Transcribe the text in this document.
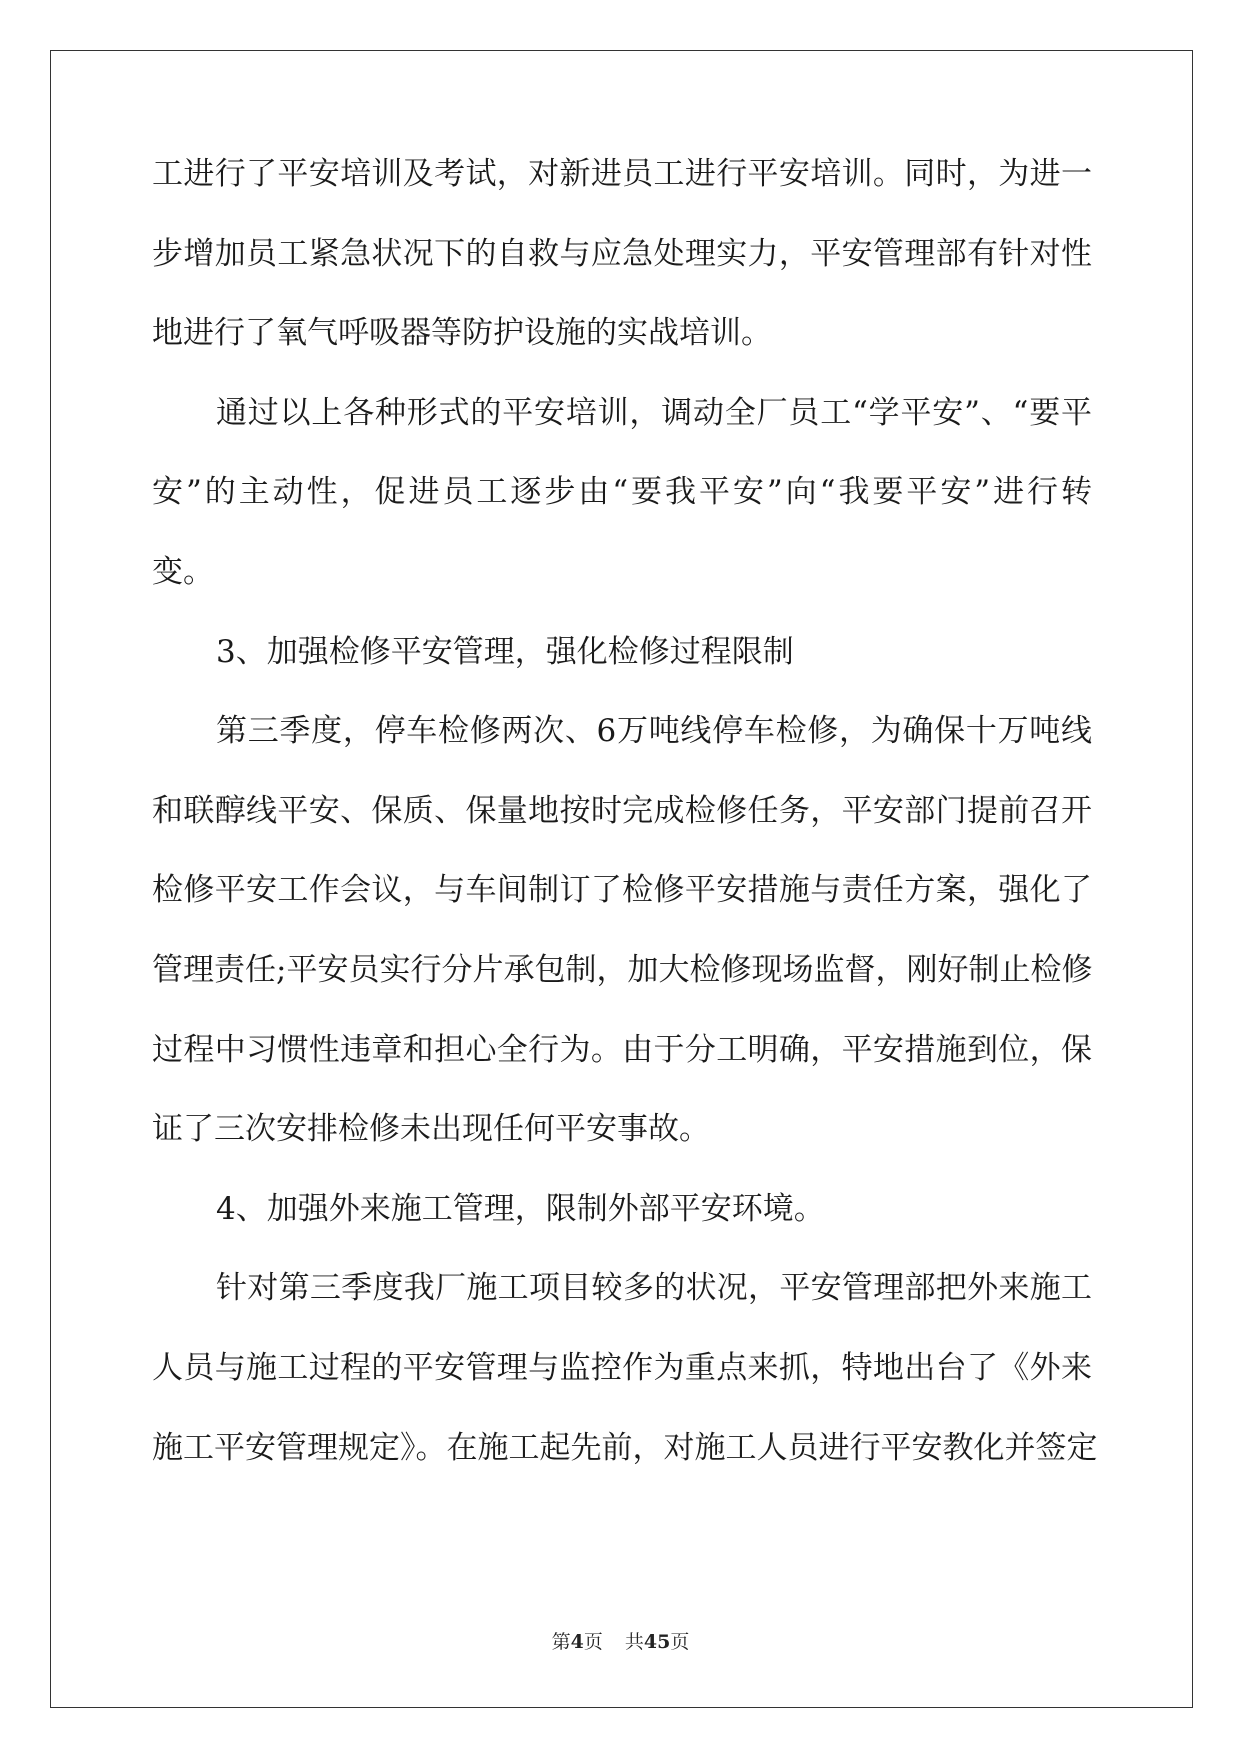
工进行了平安培训及考试，对新进员工进行平安培训。同时，为进一
步增加员工紧急状况下的自救与应急处理实力，平安管理部有针对性
地进行了氧气呼吸器等防护设施的实战培训。
通过以上各种形式的平安培训，调动全厂员工“学平安”、“要平
安”的主动性，促进员工逐步由“要我平安”向“我要平安”进行转
变。
3、加强检修平安管理，强化检修过程限制
第三季度，停车检修两次、6万吨线停车检修，为确保十万吨线
和联醇线平安、保质、保量地按时完成检修任务，平安部门提前召开
检修平安工作会议，与车间制订了检修平安措施与责任方案，强化了
管理责任;平安员实行分片承包制，加大检修现场监督，刚好制止检修
过程中习惯性违章和担心全行为。由于分工明确，平安措施到位，保
证了三次安排检修未出现任何平安事故。
4、加强外来施工管理，限制外部平安环境。
针对第三季度我厂施工项目较多的状况，平安管理部把外来施工
人员与施工过程的平安管理与监控作为重点来抓，特地出台了《外来
施工平安管理规定》。在施工起先前，对施工人员进行平安教化并签定
第4页 共45页
